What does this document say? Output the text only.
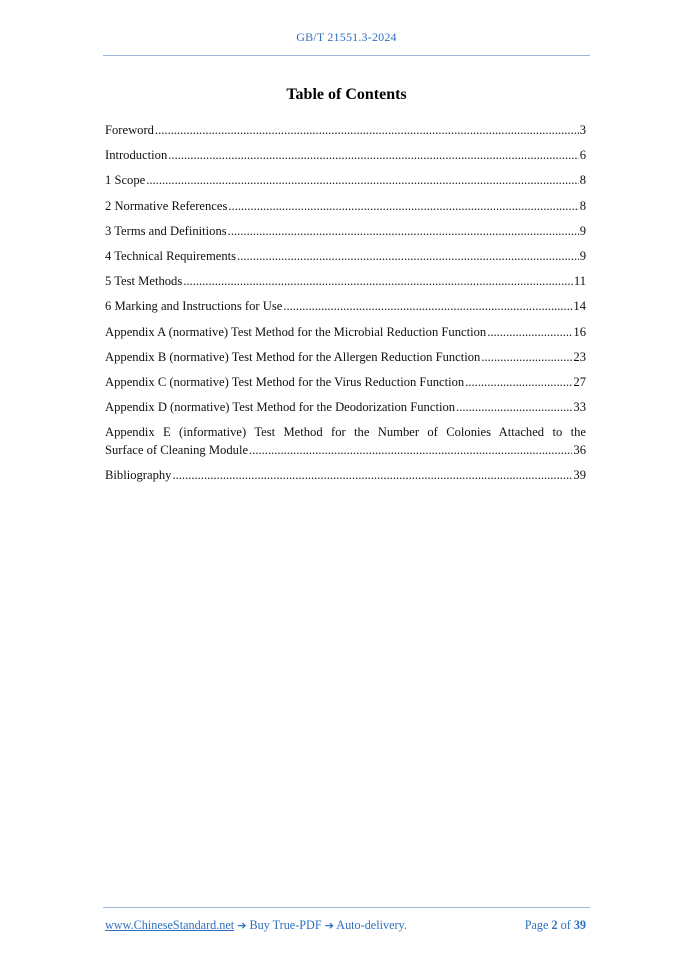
GB/T 21551.3-2024
Table of Contents
Foreword .....	3
Introduction .....	6
1 Scope .....	8
2 Normative References .....	8
3 Terms and Definitions .....	9
4 Technical Requirements .....	9
5 Test Methods .....	11
6 Marking and Instructions for Use .....	14
Appendix A (normative) Test Method for the Microbial Reduction Function .....	16
Appendix B (normative) Test Method for the Allergen Reduction Function .....	23
Appendix C (normative) Test Method for the Virus Reduction Function .....	27
Appendix D (normative) Test Method for the Deodorization Function .....	33
Appendix E (informative) Test Method for the Number of Colonies Attached to the
Surface of Cleaning Module .....	36
Bibliography .....	39
www.ChineseStandard.net ➔ Buy True-PDF ➔ Auto-delivery.	Page 2 of 39
